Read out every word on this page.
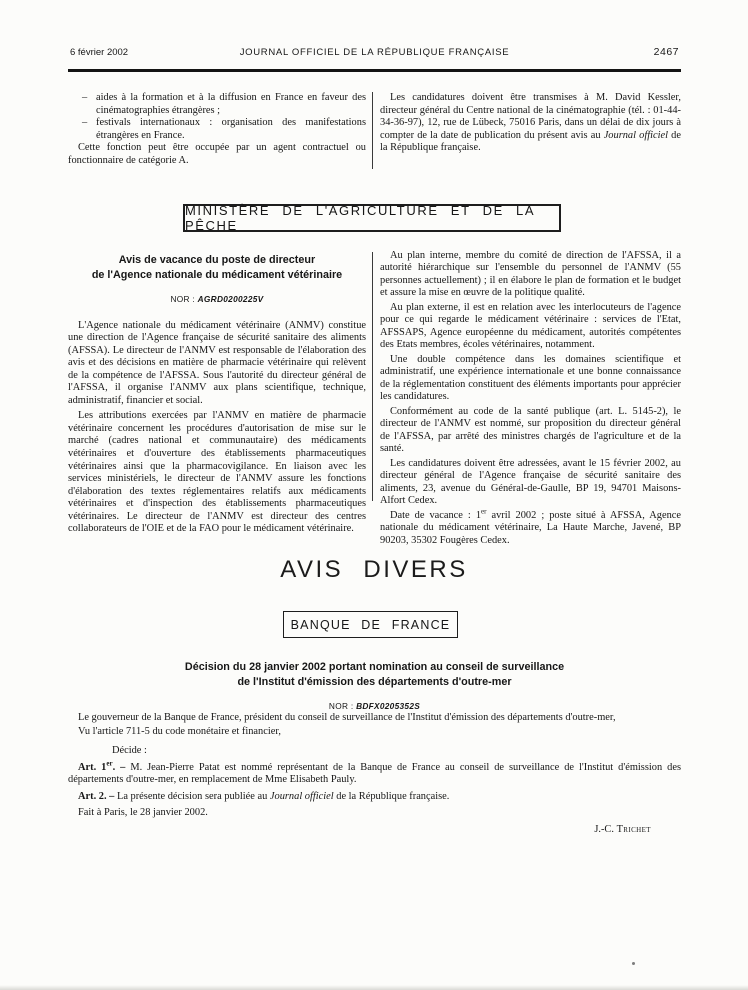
6 février 2002	JOURNAL OFFICIEL DE LA RÉPUBLIQUE FRANÇAISE	2467

– aides à la formation et à la diffusion en France en faveur des cinématographies étrangères ;

– festivals internationaux : organisation des manifestations étrangères en France.

Cette fonction peut être occupée par un agent contractuel ou fonctionnaire de catégorie A.

Les candidatures doivent être transmises à M. David Kessler, directeur général du Centre national de la cinématographie (tél. : 01-44-34-36-97), 12, rue de Lübeck, 75016 Paris, dans un délai de dix jours à compter de la date de publication du présent avis au Journal officiel de la République française.

MINISTÈRE DE L'AGRICULTURE ET DE LA PÊCHE

Avis de vacance du poste de directeur

de l'Agence nationale du médicament vétérinaire

NOR : AGRD0200225V

L'Agence nationale du médicament vétérinaire (ANMV) constitue une direction de l'Agence française de sécurité sanitaire des aliments (AFSSA). Le directeur de l'ANMV est responsable de l'élaboration des avis et des décisions en matière de pharmacie vétérinaire qui relèvent de la compétence de l'AFSSA. Sous l'autorité du directeur général de l'AFSSA, il organise l'ANMV aux plans scientifique, technique, administratif, financier et social.

Les attributions exercées par l'ANMV en matière de pharmacie vétérinaire concernent les procédures d'autorisation de mise sur le marché (cadres national et communautaire) des médicaments vétérinaires et d'ouverture des établissements pharmaceutiques vétérinaires ainsi que la pharmacovigilance. En liaison avec les services ministériels, le directeur de l'ANMV assure les fonctions d'élaboration des textes réglementaires relatifs aux médicaments vétérinaires et d'inspection des établissements pharmaceutiques vétérinaires. Le directeur de l'ANMV est directeur des centres collaborateurs de l'OIE et de la FAO pour le médicament vétérinaire.

Au plan interne, membre du comité de direction de l'AFSSA, il a autorité hiérarchique sur l'ensemble du personnel de l'ANMV (55 personnes actuellement) ; il en élabore le plan de formation et le budget et assure la mise en œuvre de la politique qualité.

Au plan externe, il est en relation avec les interlocuteurs de l'agence pour ce qui regarde le médicament vétérinaire : services de l'Etat, AFSSAPS, Agence européenne du médicament, autorités compétentes des Etats membres, écoles vétérinaires, notamment.

Une double compétence dans les domaines scientifique et administratif, une expérience internationale et une bonne connaissance de la réglementation constituent des éléments importants pour apprécier les candidatures.

Conformément au code de la santé publique (art. L. 5145-2), le directeur de l'ANMV est nommé, sur proposition du directeur général de l'AFSSA, par arrêté des ministres chargés de l'agriculture et de la santé.

Les candidatures doivent être adressées, avant le 15 février 2002, au directeur général de l'Agence française de sécurité sanitaire des aliments, 23, avenue du Général-de-Gaulle, BP 19, 94701 Maisons-Alfort Cedex.

Date de vacance : 1er avril 2002 ; poste situé à AFSSA, Agence nationale du médicament vétérinaire, La Haute Marche, Javené, BP 90203, 35302 Fougères Cedex.

AVIS DIVERS
BANQUE DE FRANCE

Décision du 28 janvier 2002 portant nomination au conseil de surveillance

de l'Institut d'émission des départements d'outre-mer

NOR : BDFX0205352S

Le gouverneur de la Banque de France, président du conseil de surveillance de l'Institut d'émission des départements d'outre-mer,

Vu l'article 711-5 du code monétaire et financier,

Décide :

Art. 1er. – M. Jean-Pierre Patat est nommé représentant de la Banque de France au conseil de surveillance de l'Institut d'émission des départements d'outre-mer, en remplacement de Mme Elisabeth Pauly.

Art. 2. – La présente décision sera publiée au Journal officiel de la République française.

Fait à Paris, le 28 janvier 2002.

J.-C. Trichet
